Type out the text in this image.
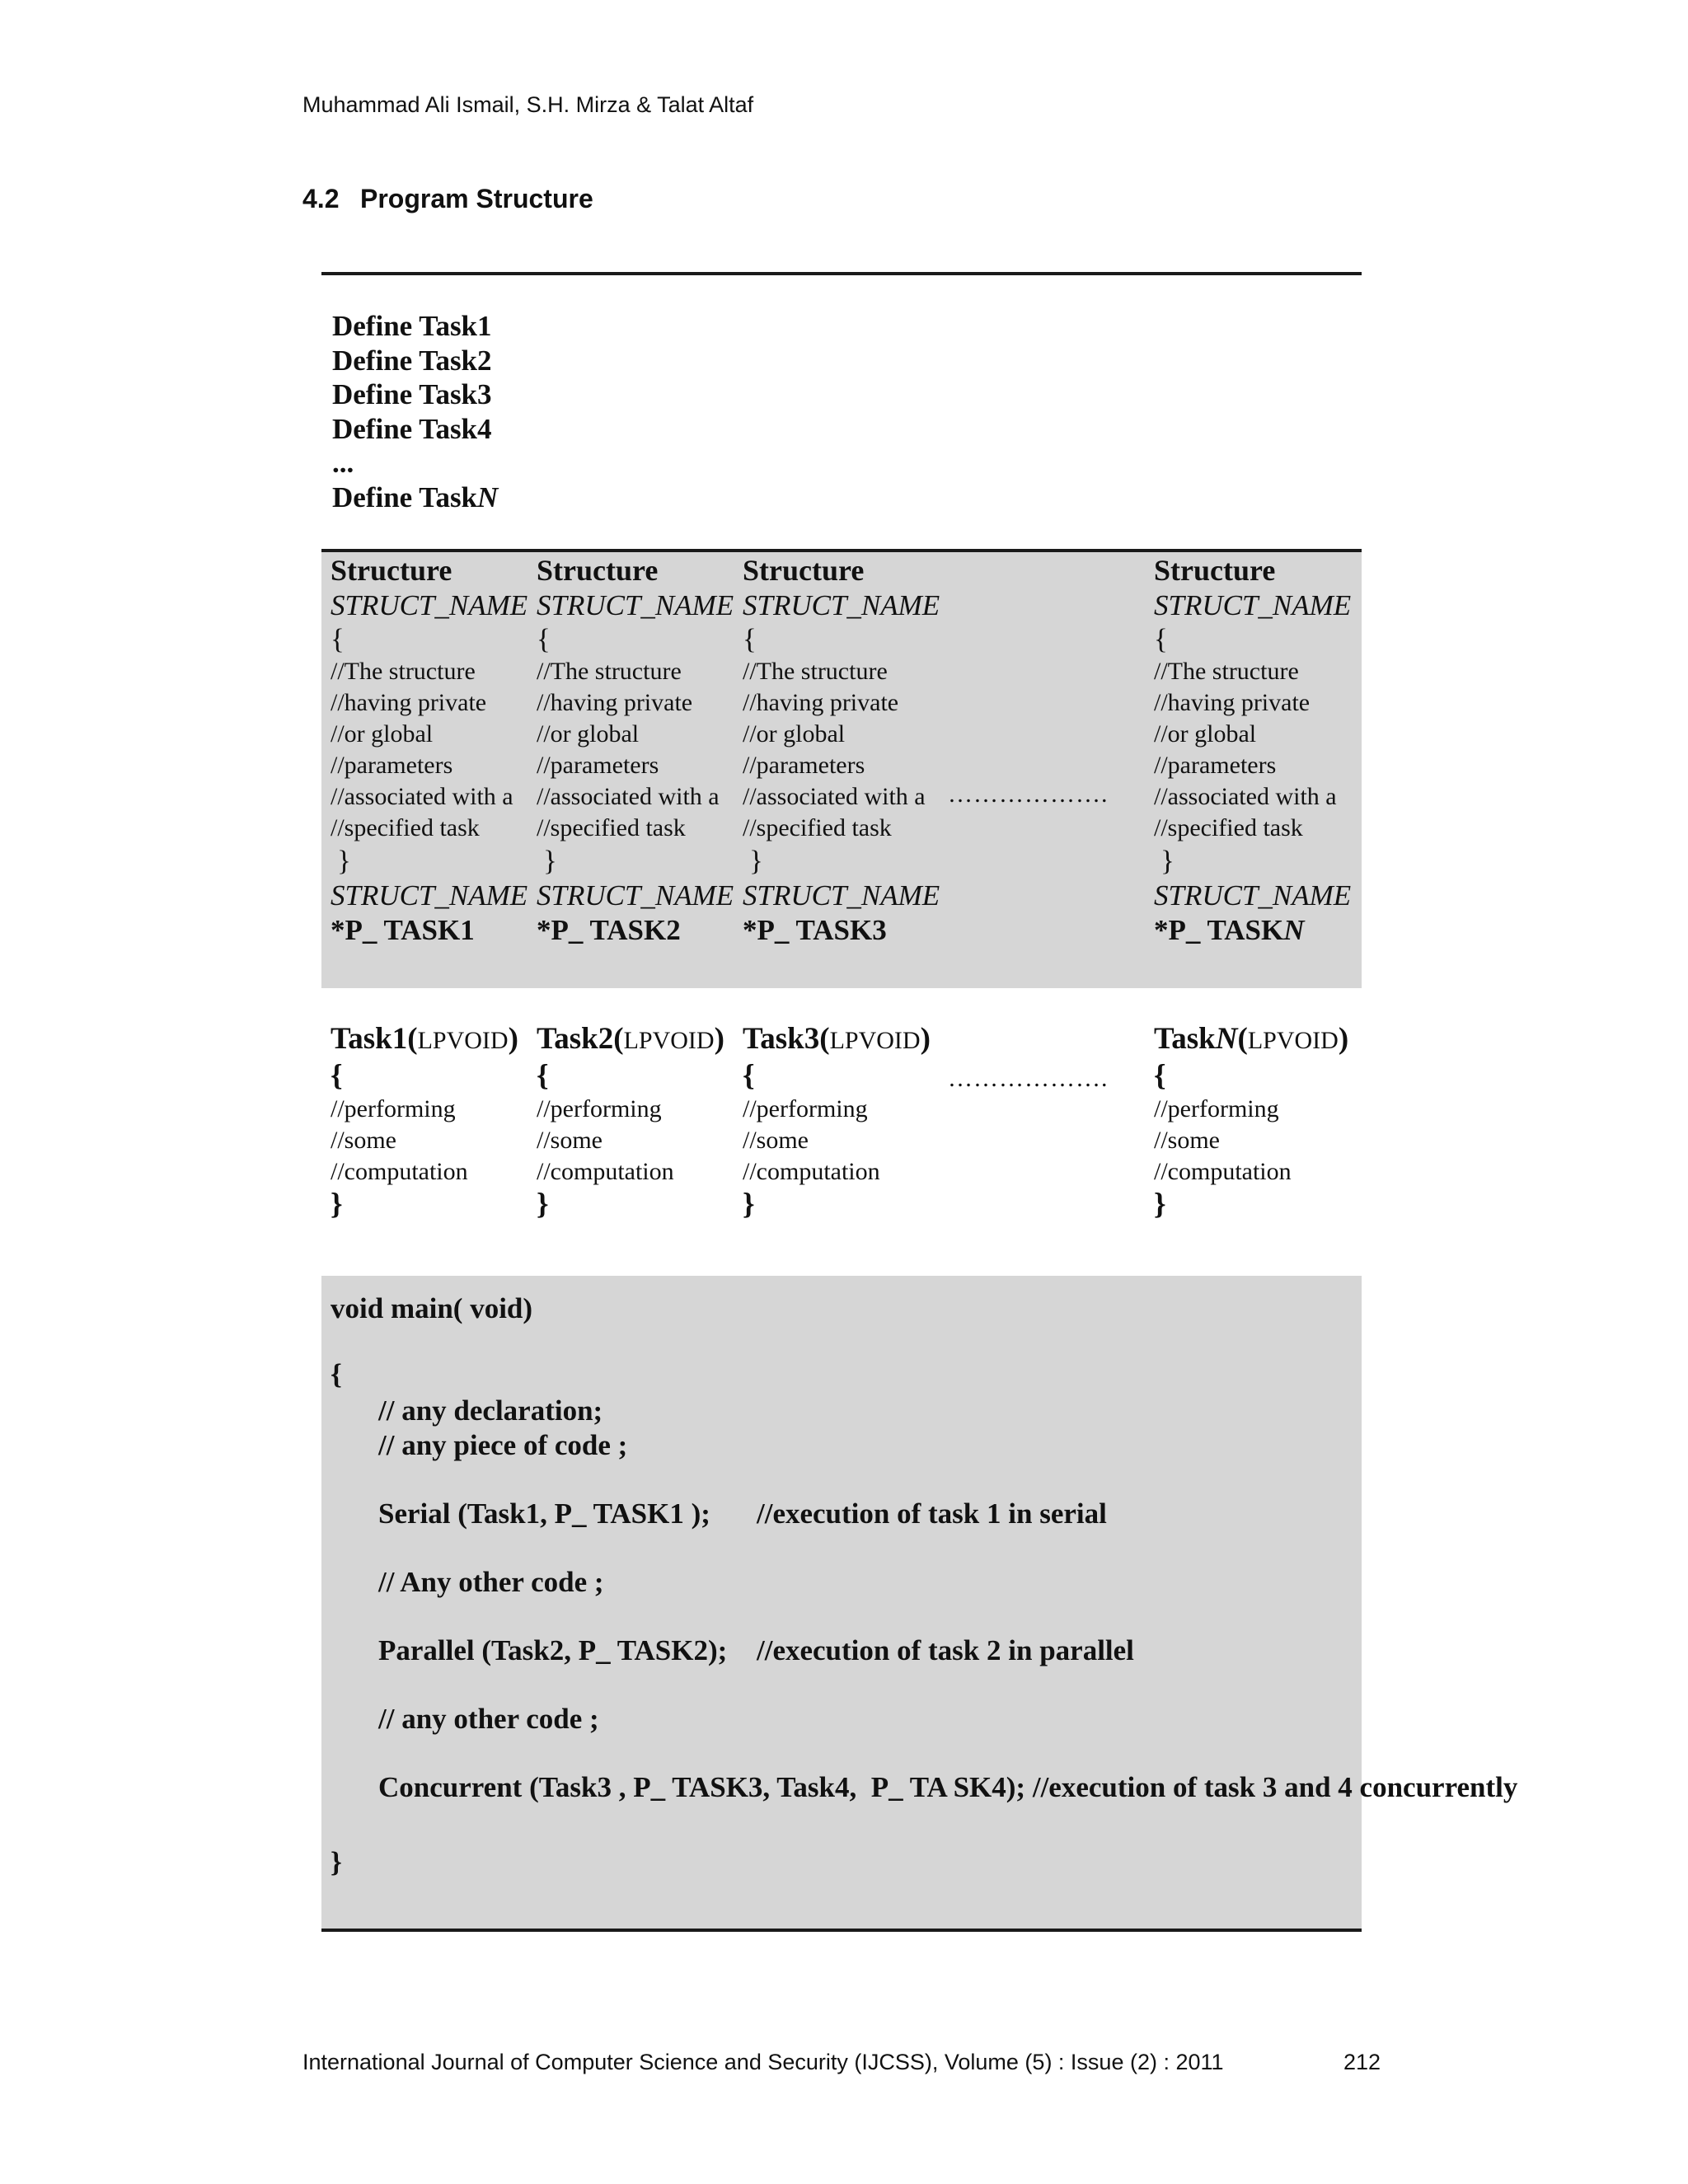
Muhammad Ali Ismail, S.H. Mirza & Talat Altaf
4.2 Program Structure
Define Task1
Define Task2
Define Task3
Define Task4
...
Define TaskN
Structure
STRUCT_NAME
{
//The structure
//having private
//or global
//parameters
//associated with a
//specified task
}
STRUCT_NAME
*P_ TASK1
Structure
STRUCT_NAME
{
//The structure
//having private
//or global
//parameters
//associated with a
//specified task
}
STRUCT_NAME
*P_ TASK2
Structure
STRUCT_NAME
{
//The structure
//having private
//or global
//parameters
//associated with a
//specified task
}
STRUCT_NAME
*P_ TASK3
……………….
Structure
STRUCT_NAME
{
//The structure
//having private
//or global
//parameters
//associated with a
//specified task
}
STRUCT_NAME
*P_ TASKN
Task1(LPVOID)
{
//performing
//some
//computation
}
Task2(LPVOID)
{
//performing
//some
//computation
}
Task3(LPVOID)
{
//performing
//some
//computation
}
……………….
TaskN(LPVOID)
{
//performing
//some
//computation
}
void main( void)
{
// any declaration;
// any piece of code ;
Serial (Task1, P_ TASK1 ); //execution of task 1 in serial
// Any other code ;
Parallel (Task2, P_ TASK2); //execution of task 2 in parallel
// any other code ;
Concurrent (Task3 , P_ TASK3, Task4,  P_ TA SK4); //execution of task 3 and 4 concurrently
}
International Journal of Computer Science and Security (IJCSS), Volume (5) : Issue (2) : 2011	212
